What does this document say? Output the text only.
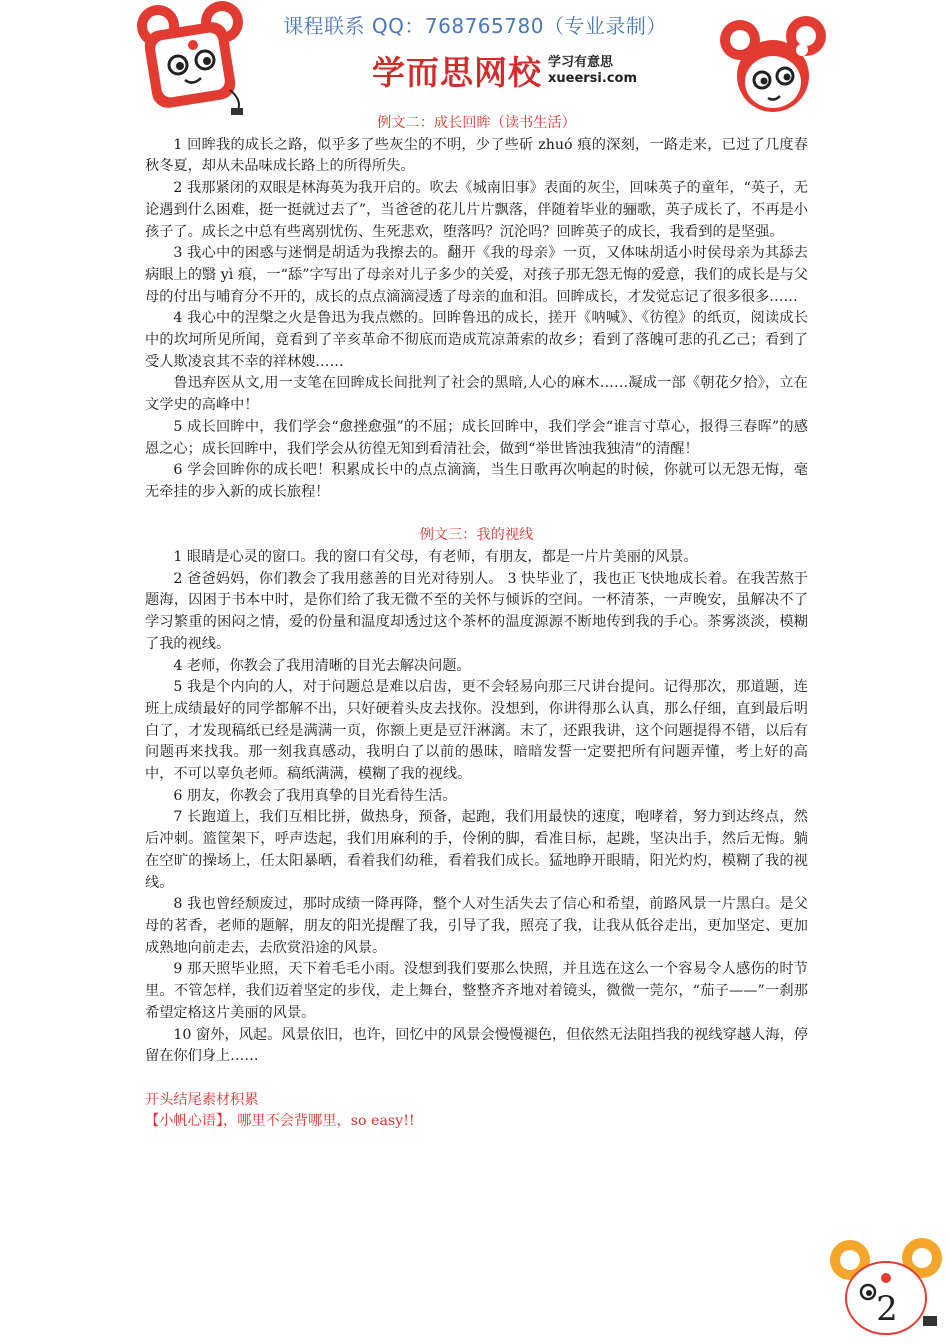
课程联系 QQ：768765780（专业录制）
学而思网校 学习有意思
xueersi.com

例文二：成长回眸（读书生活）

1 回眸我的成长之路，似乎多了些灰尘的不明，少了些斫 zhuó 痕的深刻，一路走来，已过了几度春秋冬夏，却从未品味成长路上的所得所失。

2 我那紧闭的双眼是林海英为我开启的。吹去《城南旧事》表面的灰尘，回味英子的童年，“英子，无论遇到什么困难，挺一挺就过去了”，当爸爸的花儿片片飘落，伴随着毕业的骊歌，英子成长了，不再是小孩子了。成长之中总有些离别忧伤、生死悲欢，堕落吗？沉沦吗？回眸英子的成长，我看到的是坚强。

3 我心中的困惑与迷惘是胡适为我擦去的。翻开《我的母亲》一页，又体味胡适小时侯母亲为其舔去病眼上的翳 yì 痕，一“舔”字写出了母亲对儿子多少的关爱，对孩子那无怨无悔的爱意，我们的成长是与父母的付出与哺育分不开的，成长的点点滴滴浸透了母亲的血和泪。回眸成长，才发觉忘记了很多很多……

4 我心中的涅槃之火是鲁迅为我点燃的。回眸鲁迅的成长，搓开《呐喊》、《彷徨》的纸页，阅读成长中的坎坷所见所闻，竟看到了辛亥革命不彻底而造成荒凉萧索的故乡；看到了落魄可悲的孔乙己；看到了受人欺凌哀其不幸的祥林嫂……

鲁迅弃医从文,用一支笔在回眸成长间批判了社会的黑暗,人心的麻木……凝成一部《朝花夕拾》，立在文学史的高峰中！

5 成长回眸中，我们学会“愈挫愈强”的不屈；成长回眸中，我们学会“谁言寸草心，报得三春晖”的感恩之心；成长回眸中，我们学会从彷徨无知到看清社会，做到“举世皆浊我独清”的清醒！

6 学会回眸你的成长吧！积累成长中的点点滴滴，当生日歌再次响起的时候，你就可以无怨无悔，毫无牵挂的步入新的成长旅程！

例文三：我的视线

1 眼睛是心灵的窗口。我的窗口有父母，有老师，有朋友，都是一片片美丽的风景。

2 爸爸妈妈，你们教会了我用慈善的目光对待别人。 3 快毕业了，我也正飞快地成长着。在我苦熬于题海，囚困于书本中时，是你们给了我无微不至的关怀与倾诉的空间。一杯清茶，一声晚安，虽解决不了学习繁重的困闷之情，爱的份量和温度却透过这个茶杯的温度源源不断地传到我的手心。茶雾淡淡，模糊了我的视线。

4 老师，你教会了我用清晰的目光去解决问题。

5 我是个内向的人，对于问题总是难以启齿，更不会轻易向那三尺讲台提问。记得那次，那道题，连班上成绩最好的同学都解不出，只好硬着头皮去找你。没想到，你讲得那么认真，那么仔细，直到最后明白了，才发现稿纸已经是满满一页，你额上更是豆汗淋漓。末了，还跟我讲，这个问题提得不错，以后有问题再来找我。那一刻我真感动，我明白了以前的愚昧，暗暗发誓一定要把所有问题弄懂，考上好的高中，不可以辜负老师。稿纸满满，模糊了我的视线。

6 朋友，你教会了我用真挚的目光看待生活。

7 长跑道上，我们互相比拼，做热身，预备，起跑，我们用最快的速度，咆哮着，努力到达终点，然后冲刺。篮筐架下，呼声迭起，我们用麻利的手，伶俐的脚，看准目标，起跳，坚决出手，然后无悔。躺在空旷的操场上，任太阳暴晒，看着我们幼稚，看着我们成长。猛地睁开眼睛，阳光灼灼，模糊了我的视线。

8 我也曾经颓废过，那时成绩一降再降，整个人对生活失去了信心和希望，前路风景一片黑白。是父母的茗香，老师的题解，朋友的阳光提醒了我，引导了我，照亮了我，让我从低谷走出，更加坚定、更加成熟地向前走去，去欣赏沿途的风景。

9 那天照毕业照，天下着毛毛小雨。没想到我们要那么快照，并且选在这么一个容易令人感伤的时节里。不管怎样，我们迈着坚定的步伐，走上舞台，整整齐齐地对着镜头，微微一莞尔，“茄子——”一刹那希望定格这片美丽的风景。

10 窗外，风起。风景依旧，也许，回忆中的风景会慢慢褪色，但依然无法阻挡我的视线穿越人海，停留在你们身上……

开头结尾素材积累

【小帆心语】，哪里不会背哪里，so easy!!

2
